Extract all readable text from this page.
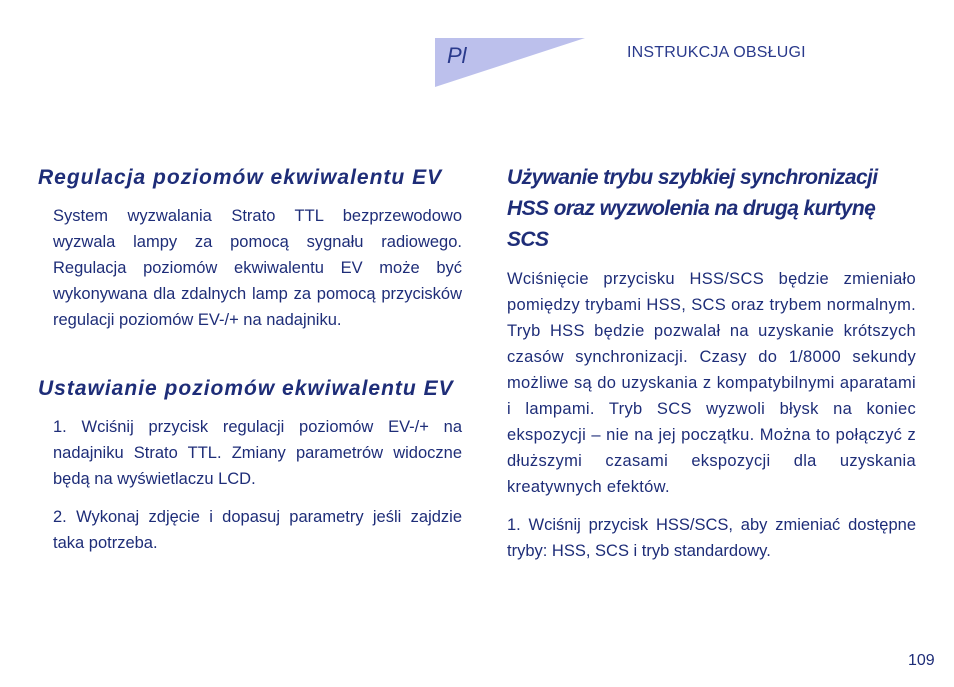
Pl	INSTRUKCJA OBSŁUGI
Regulacja poziomów ekwiwalentu EV

System wyzwalania Strato TTL bezprzewodowo wyzwala lampy za pomocą sygnału radiowego. Regulacja poziomów ekwiwalentu EV może być wykonywana dla zdalnych lamp za pomocą przycisków regulacji poziomów EV-/+ na nadajniku.

Ustawianie poziomów ekwiwalentu EV

1. Wciśnij przycisk regulacji poziomów EV-/+ na nadajniku Strato TTL. Zmiany parametrów widoczne będą na wyświetlaczu LCD.

2. Wykonaj zdjęcie i dopasuj parametry jeśli zajdzie taka potrzeba.

Używanie trybu szybkiej synchronizacji HSS oraz wyzwolenia na drugą kurtynę SCS

Wciśnięcie przycisku HSS/SCS będzie zmieniało pomiędzy trybami HSS, SCS oraz trybem normalnym. Tryb HSS będzie pozwalał na uzyskanie krótszych czasów synchronizacji. Czasy do 1/8000 sekundy możliwe są do uzyskania z kompatybilnymi aparatami i lampami. Tryb SCS wyzwoli błysk na koniec ekspozycji – nie na jej początku. Można to połączyć z dłuższymi czasami ekspozycji dla uzyskania kreatywnych efektów.

1. Wciśnij przycisk HSS/SCS, aby zmieniać dostępne tryby: HSS, SCS i tryb standardowy.

109
